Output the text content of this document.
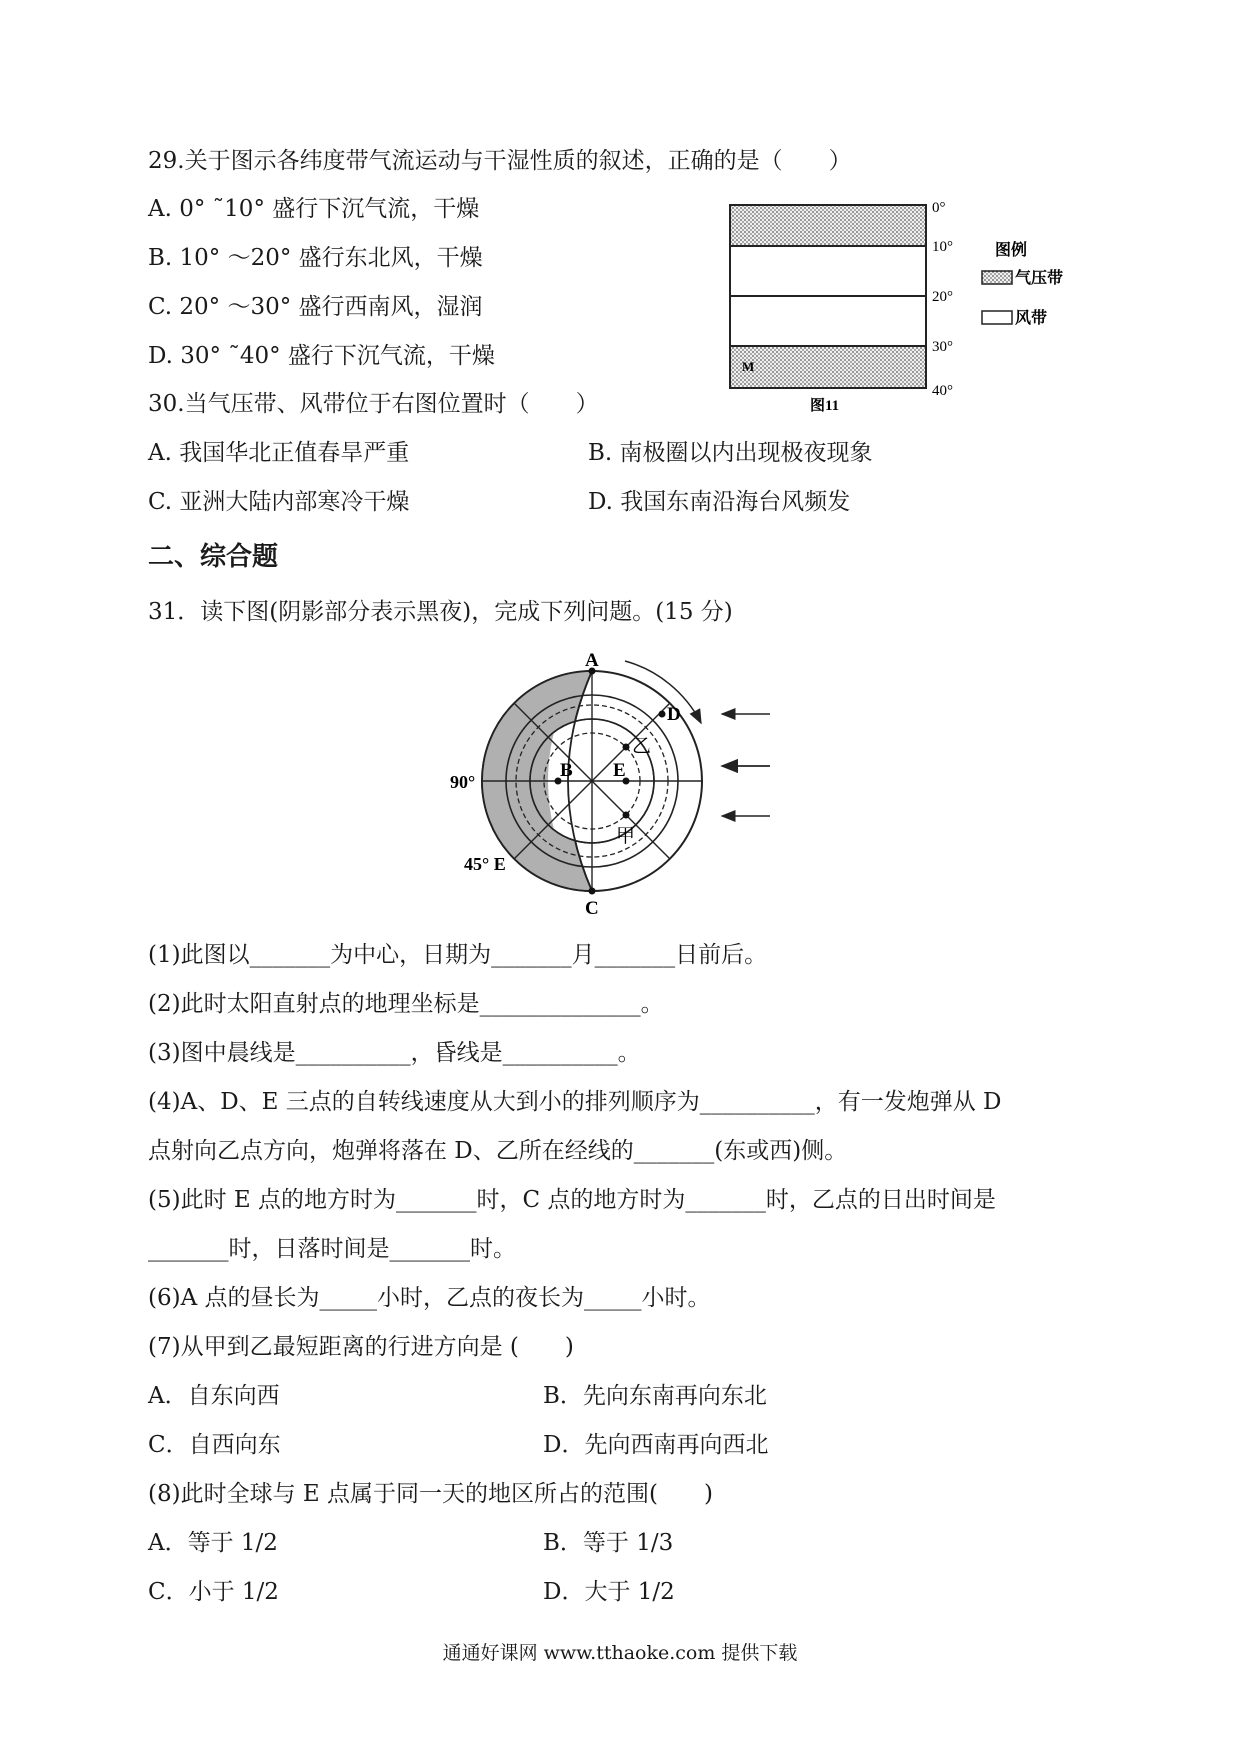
29.关于图示各纬度带气流运动与干湿性质的叙述，正确的是（　　）
A. 0° ˜10° 盛行下沉气流，干燥
B. 10° ～20° 盛行东北风，干燥
C. 20° ～30° 盛行西南风，湿润
D. 30° ˜40° 盛行下沉气流，干燥	M
0°
10°
20°
30°
40°
图例
气压带
风带
图11
30.当气压带、风带位于右图位置时（　　）
A. 我国华北正值春旱严重	B. 南极圈以内出现极夜现象
C. 亚洲大陆内部寒冷干燥	D. 我国东南沿海台风频发
二、综合题
31．读下图(阴影部分表示黑夜)，完成下列问题。(15 分)
A
C
B E
D
乙
甲
90°
45° E
(1)此图以_______为中心，日期为_______月_______日前后。
(2)此时太阳直射点的地理坐标是______________。
(3)图中晨线是__________，昏线是__________。
(4)A、D、E 三点的自转线速度从大到小的排列顺序为__________，有一发炮弹从 D
点射向乙点方向，炮弹将落在 D、乙所在经线的_______(东或西)侧。
(5)此时 E 点的地方时为_______时，C 点的地方时为_______时，乙点的日出时间是
_______时，日落时间是_______时。
(6)A 点的昼长为_____小时，乙点的夜长为_____小时。
(7)从甲到乙最短距离的行进方向是 (　　)
A．自东向西	B．先向东南再向东北
C．自西向东	D．先向西南再向西北
(8)此时全球与 E 点属于同一天的地区所占的范围(　　)
A．等于 1/2	B．等于 1/3
C．小于 1/2	D．大于 1/2
通通好课网 www.tthaoke.com 提供下载
